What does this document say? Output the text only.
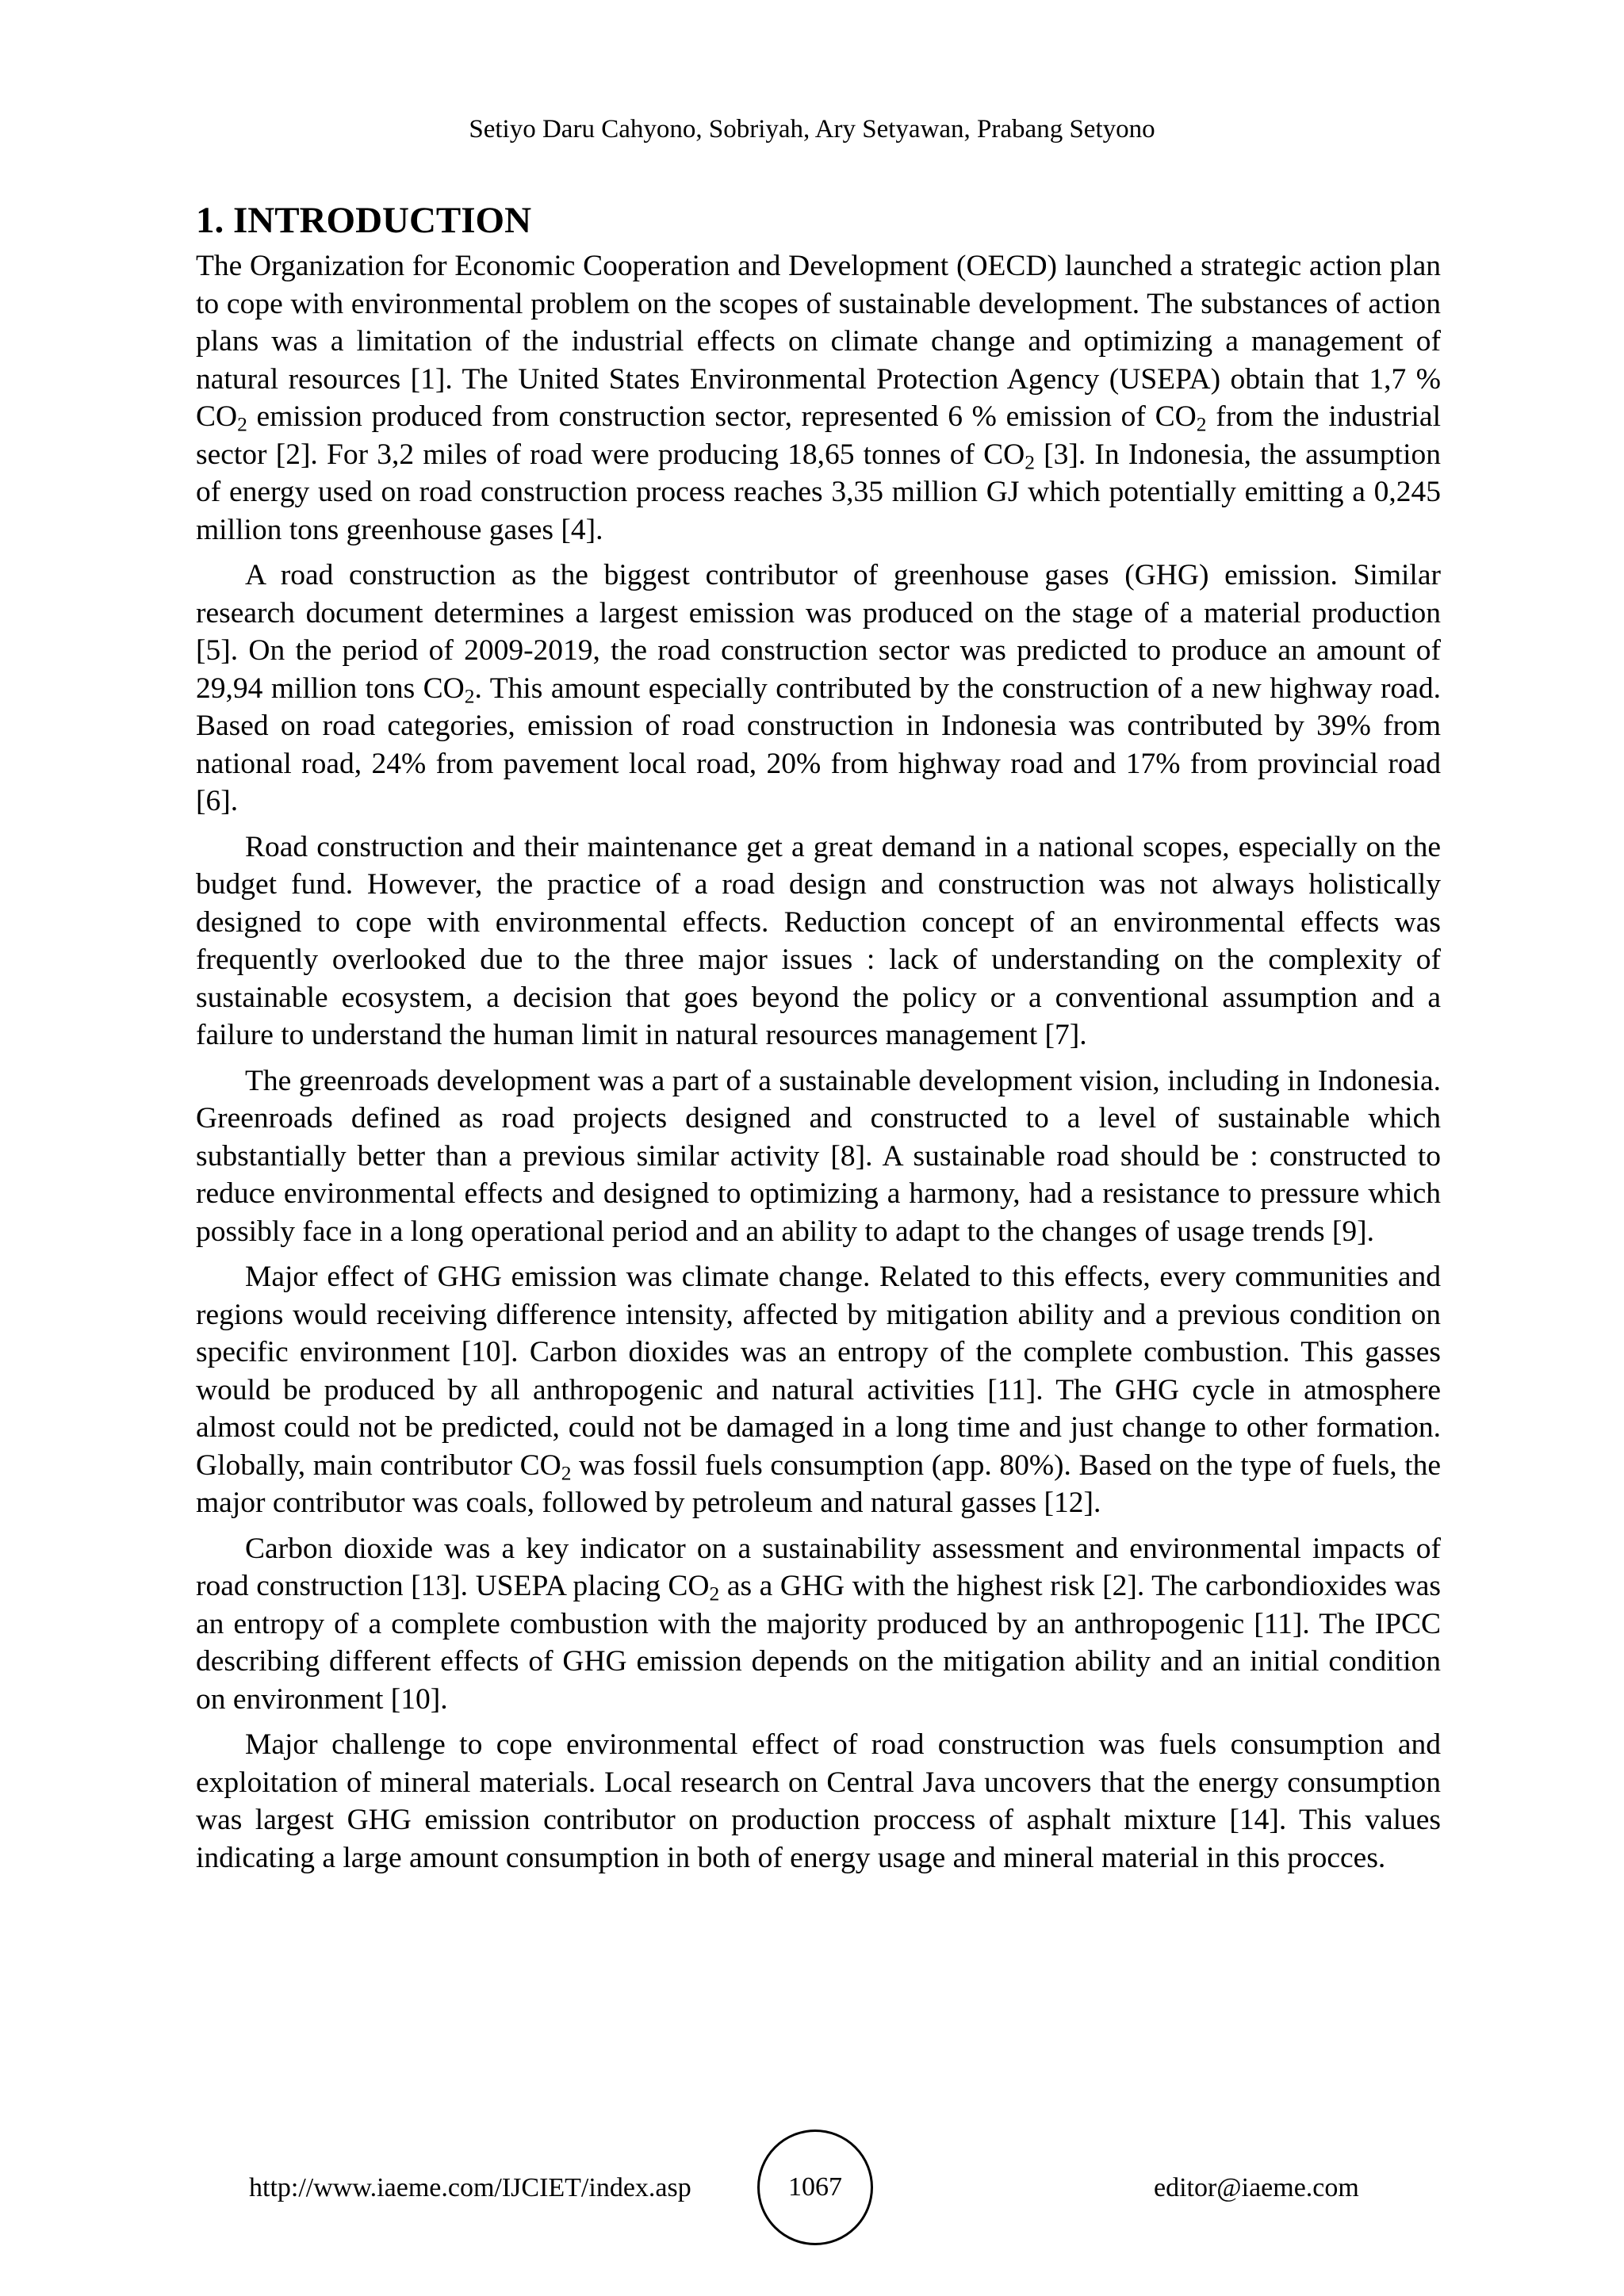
Setiyo Daru Cahyono, Sobriyah, Ary Setyawan, Prabang Setyono
1. INTRODUCTION

The Organization for Economic Cooperation and Development (OECD) launched a strategic action plan to cope with environmental problem on the scopes of sustainable development. The substances of action plans was a limitation of the industrial effects on climate change and optimizing a management of natural resources [1]. The United States Environmental Protection Agency (USEPA) obtain that 1,7 % $CO_2$ emission produced from construction sector, represented 6 % emission of $CO_2$ from the industrial sector [2]. For 3,2 miles of road were producing 18,65 tonnes of $CO_2$ [3]. In Indonesia, the assumption of energy used on road construction process reaches 3,35 million GJ which potentially emitting a 0,245 million tons greenhouse gases [4].

A road construction as the biggest contributor of greenhouse gases (GHG) emission. Similar research document determines a largest emission was produced on the stage of a material production [5]. On the period of 2009-2019, the road construction sector was predicted to produce an amount of 29,94 million tons $CO_2$. This amount especially contributed by the construction of a new highway road. Based on road categories, emission of road construction in Indonesia was contributed by 39% from national road, 24% from pavement local road, 20% from highway road and 17% from provincial road [6].

Road construction and their maintenance get a great demand in a national scopes, especially on the budget fund. However, the practice of a road design and construction was not always holistically designed to cope with environmental effects. Reduction concept of an environmental effects was frequently overlooked due to the three major issues : lack of understanding on the complexity of sustainable ecosystem, a decision that goes beyond the policy or a conventional assumption and a failure to understand the human limit in natural resources management [7].

The greenroads development was a part of a sustainable development vision, including in Indonesia. Greenroads defined as road projects designed and constructed to a level of sustainable which substantially better than a previous similar activity [8]. A sustainable road should be : constructed to reduce environmental effects and designed to optimizing a harmony, had a resistance to pressure which possibly face in a long operational period and an ability to adapt to the changes of usage trends [9].

Major effect of GHG emission was climate change. Related to this effects, every communities and regions would receiving difference intensity, affected by mitigation ability and a previous condition on specific environment [10]. Carbon dioxides was an entropy of the complete combustion. This gasses would be produced by all anthropogenic and natural activities [11]. The GHG cycle in atmosphere almost could not be predicted, could not be damaged in a long time and just change to other formation. Globally, main contributor $CO_2$ was fossil fuels consumption (app. 80%). Based on the type of fuels, the major contributor was coals, followed by petroleum and natural gasses [12].

Carbon dioxide was a key indicator on a sustainability assessment and environmental impacts of road construction [13]. USEPA placing $CO_2$ as a GHG with the highest risk [2]. The carbondioxides was an entropy of a complete combustion with the majority produced by an anthropogenic [11]. The IPCC describing different effects of GHG emission depends on the mitigation ability and an initial condition on environment [10].

Major challenge to cope environmental effect of road construction was fuels consumption and exploitation of mineral materials. Local research on Central Java uncovers that the energy consumption was largest GHG emission contributor on production proccess of asphalt mixture [14]. This values indicating a large amount consumption in both of energy usage and mineral material in this procces.

http://www.iaeme.com/IJCIET/index.asp	1067	editor@iaeme.com
